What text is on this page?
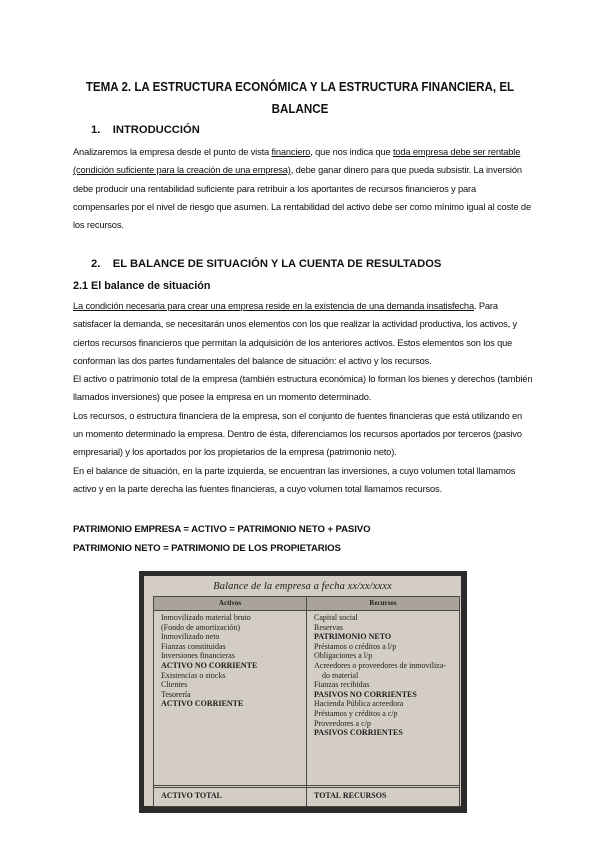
TEMA 2. LA ESTRUCTURA ECONÓMICA Y LA ESTRUCTURA FINANCIERA, EL
BALANCE
1.    INTRODUCCIÓN

Analizaremos la empresa desde el punto de vista financiero, que nos indica que toda empresa debe ser rentable (condición suficiente para la creación de una empresa), debe ganar dinero para que pueda subsistir. La inversión debe producir una rentabilidad suficiente para retribuir a los aportantes de recursos financieros y para compensarles por el nivel de riesgo que asumen. La rentabilidad del activo debe ser como mínimo igual al coste de los recursos.

2.    EL BALANCE DE SITUACIÓN Y LA CUENTA DE RESULTADOS
2.1 El balance de situación

La condición necesaria para crear una empresa reside en la existencia de una demanda insatisfecha. Para satisfacer la demanda, se necesitarán unos elementos con los que realizar la actividad productiva, los activos, y ciertos recursos financieros que permitan la adquisición de los anteriores activos. Estos elementos son los que conforman las dos partes fundamentales del balance de situación: el activo y los recursos.
El activo o patrimonio total de la empresa (también estructura económica) lo forman los bienes y derechos (también llamados inversiones) que posee la empresa en un momento determinado.
Los recursos, o estructura financiera de la empresa, son el conjunto de fuentes financieras que está utilizando en un momento determinado la empresa. Dentro de ésta, diferenciamos los recursos aportados por terceros (pasivo empresarial) y los aportados por los propietarios de la empresa (patrimonio neto).
En el balance de situación, en la parte izquierda, se encuentran las inversiones, a cuyo volumen total llamamos activo y en la parte derecha las fuentes financieras, a cuyo volumen total llamamos recursos.

PATRIMONIO EMPRESA = ACTIVO = PATRIMONIO NETO + PASIVO
PATRIMONIO NETO = PATRIMONIO DE LOS PROPIETARIOS
Balance de la empresa a fecha xx/xx/xxxx
Activos	Recursos
Inmovilizado material bruto
(Fondo de amortización)
Inmovilizado neto
Fianzas constituidas
Inversiones financieras
ACTIVO NO CORRIENTE
Existencias o stocks
Clientes
Tesorería
ACTIVO CORRIENTE
Capital social
Reservas
PATRIMONIO NETO
Préstamos o créditos a l/p
Obligaciones a l/p
Acreedores o proveedores de inmoviliza-
do material
Fianzas recibidas
PASIVOS NO CORRIENTES
Hacienda Pública acreedora
Préstamos y créditos a c/p
Proveedores a c/p
PASIVOS CORRIENTES
ACTIVO TOTAL	TOTAL RECURSOS
